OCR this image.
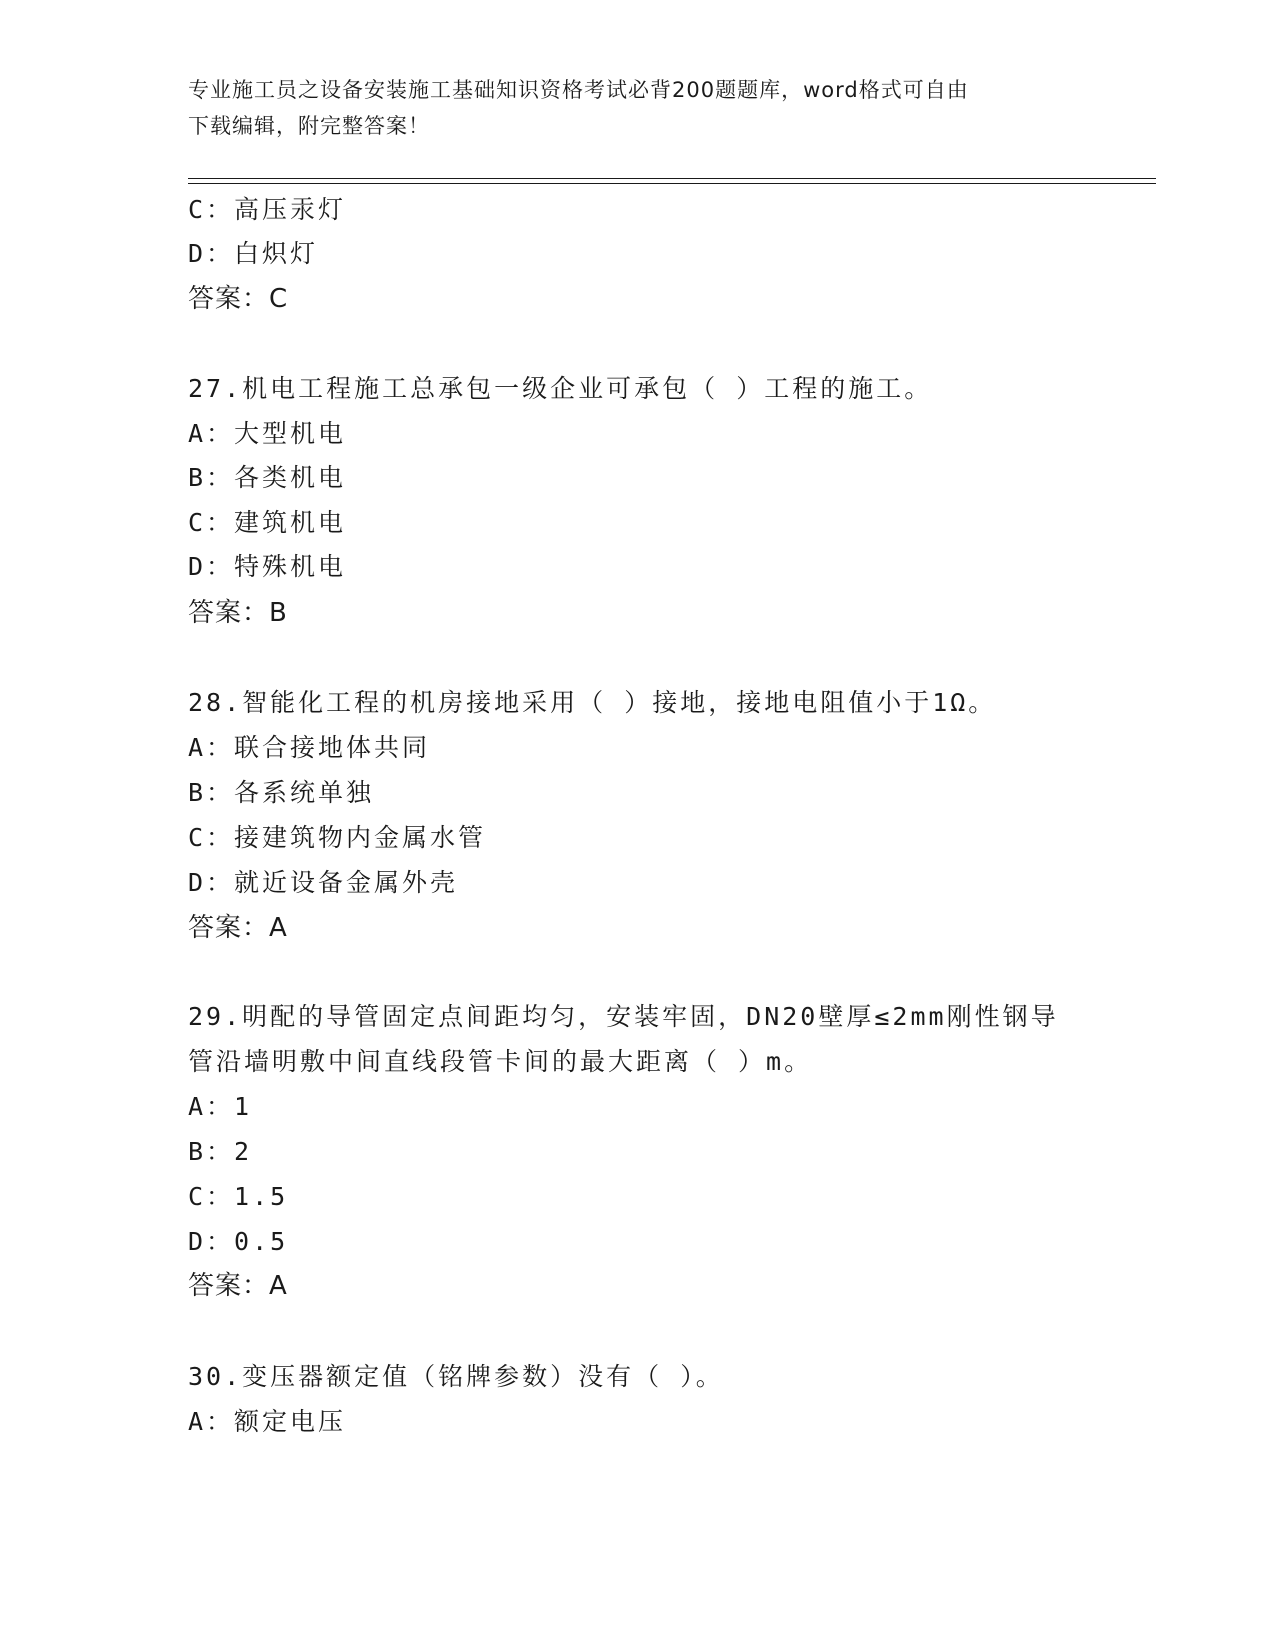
专业施工员之设备安装施工基础知识资格考试必背200题题库，word格式可自由
下载编辑，附完整答案！
C：高压汞灯
D：白炽灯
答案：C
27.机电工程施工总承包一级企业可承包（ ）工程的施工。
A：大型机电
B：各类机电
C：建筑机电
D：特殊机电
答案：B
28.智能化工程的机房接地采用（ ）接地，接地电阻值小于1Ω。
A：联合接地体共同
B：各系统单独
C：接建筑物内金属水管
D：就近设备金属外壳
答案：A
29.明配的导管固定点间距均匀，安装牢固，DN20壁厚≤2mm刚性钢导
管沿墙明敷中间直线段管卡间的最大距离（ ）m。
A：1
B：2
C：1.5
D：0.5
答案：A
30.变压器额定值（铭牌参数）没有（ ）。
A：额定电压
